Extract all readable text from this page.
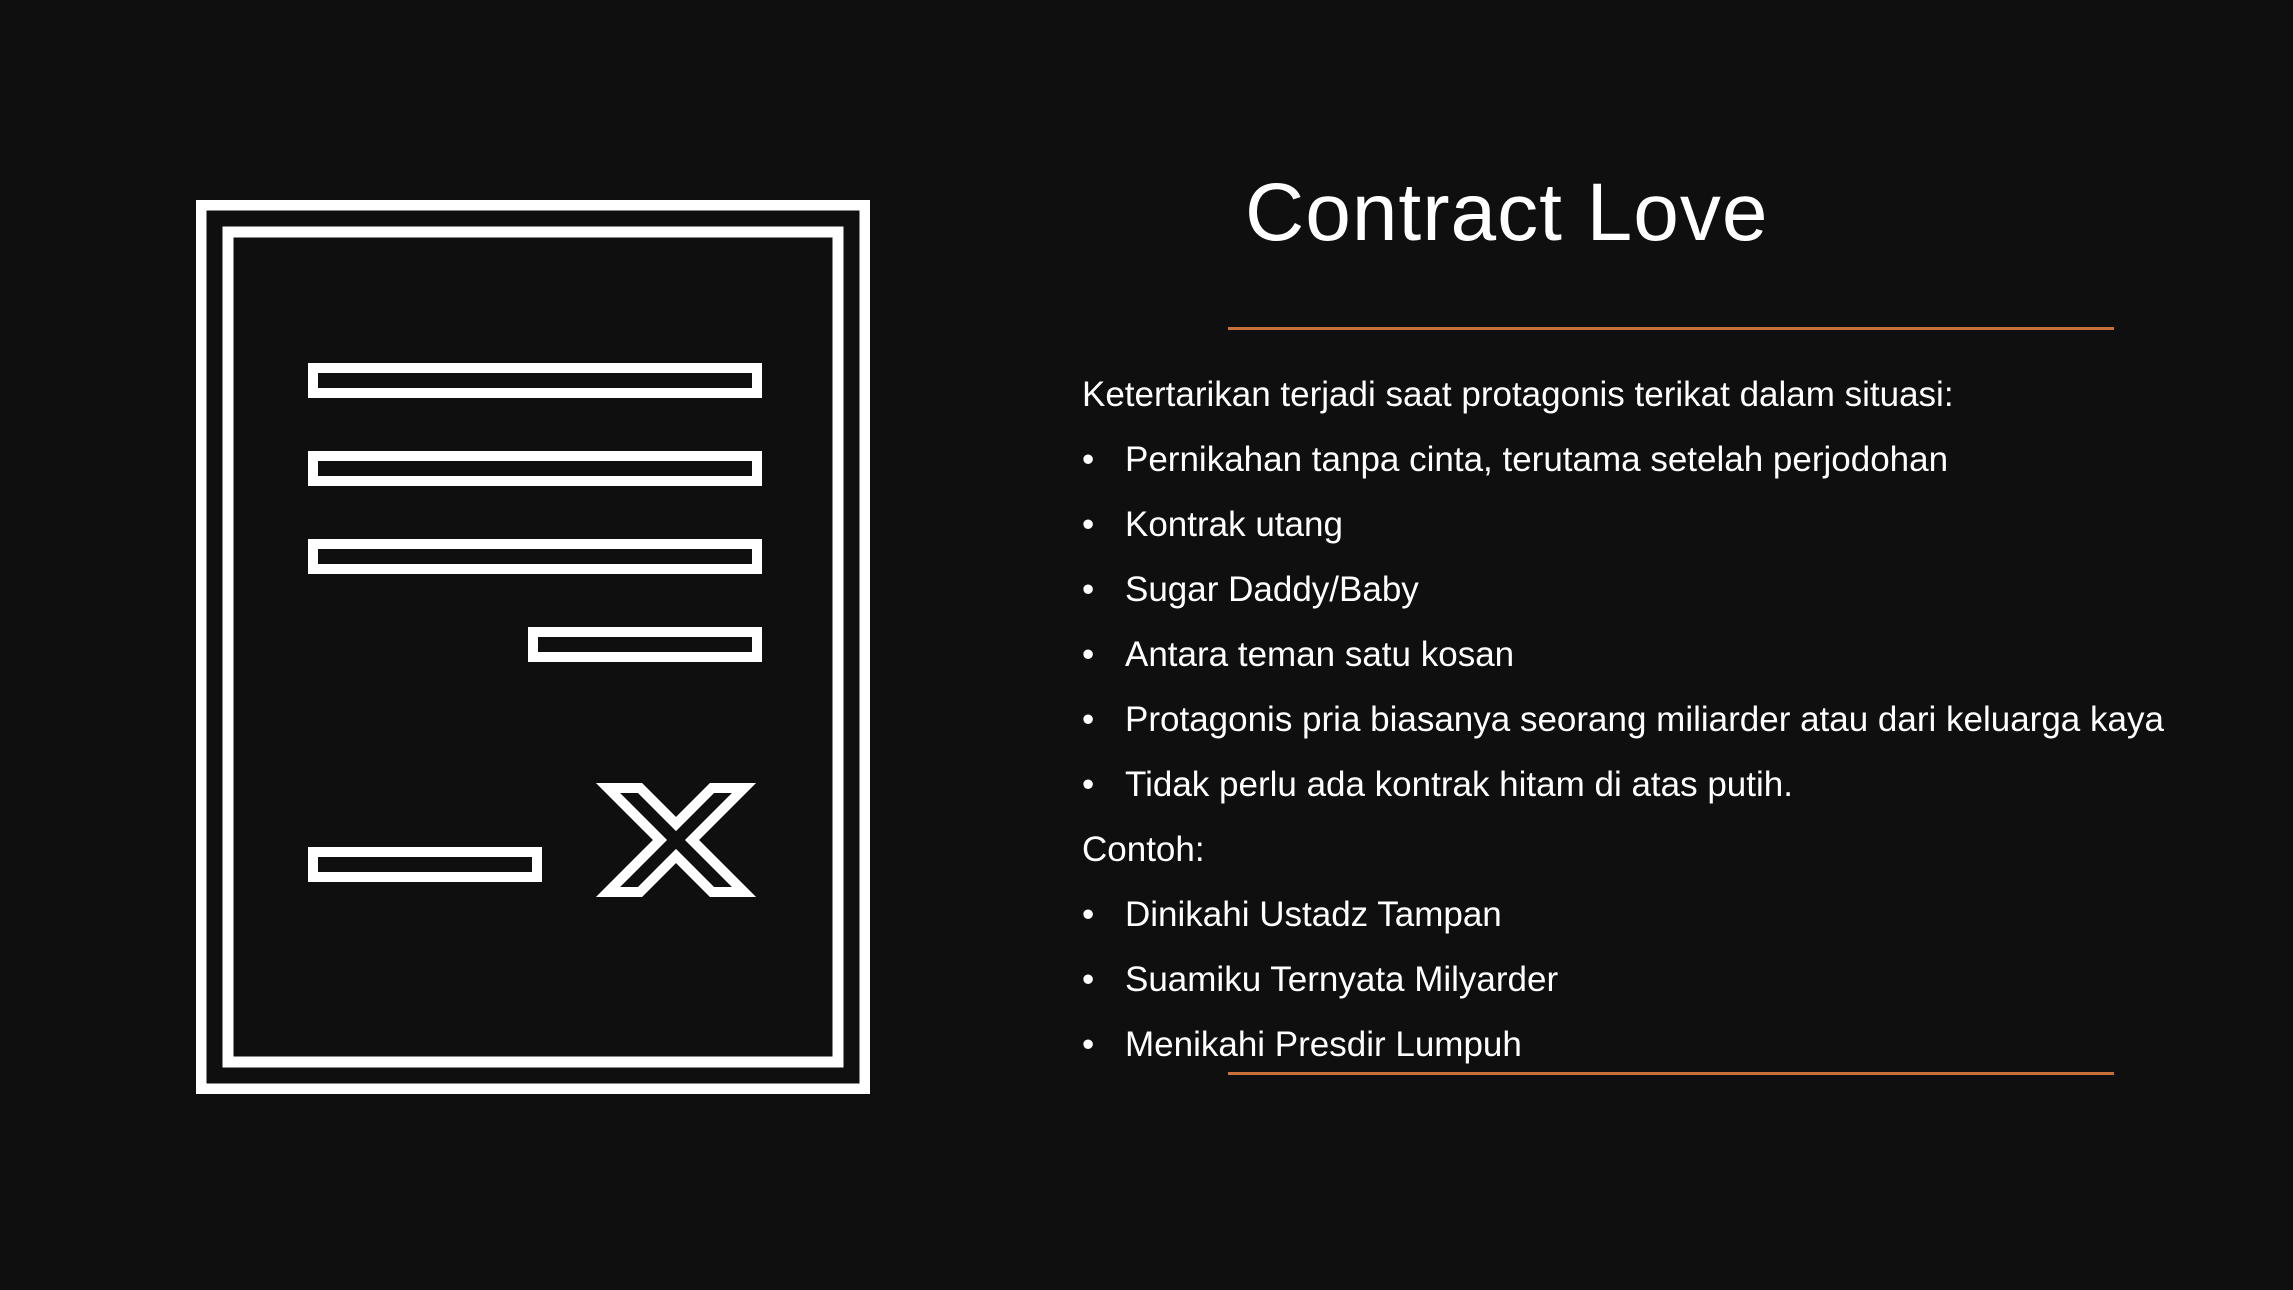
Contract Love
Ketertarikan terjadi saat protagonis terikat dalam situasi:
• Pernikahan tanpa cinta, terutama setelah perjodohan
• Kontrak utang
• Sugar Daddy/Baby
• Antara teman satu kosan
• Protagonis pria biasanya seorang miliarder atau dari keluarga kaya
• Tidak perlu ada kontrak hitam di atas putih.
Contoh:
• Dinikahi Ustadz Tampan
• Suamiku Ternyata Milyarder
• Menikahi Presdir Lumpuh
